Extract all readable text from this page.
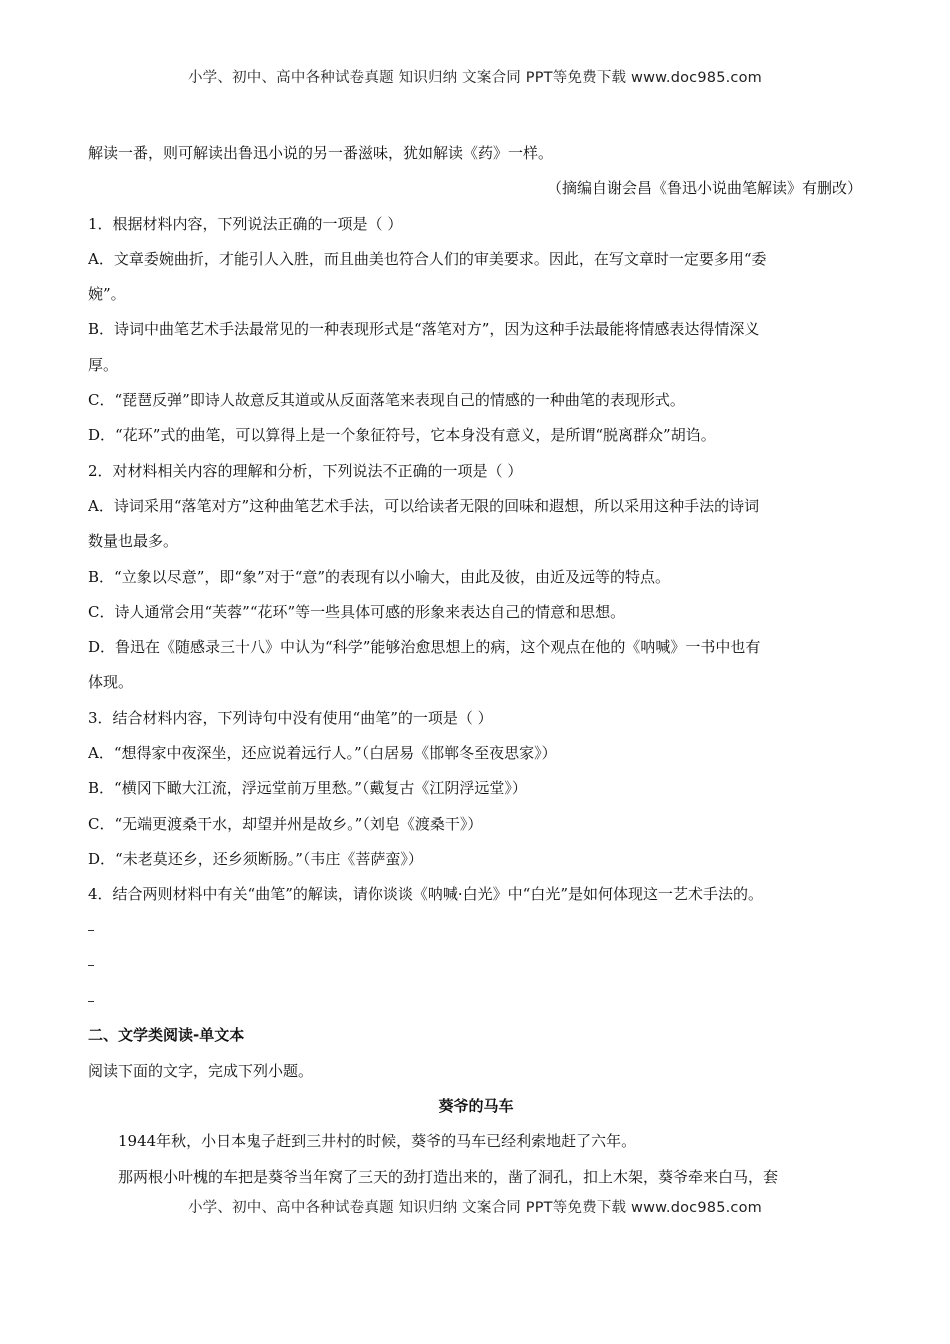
小学、初中、高中各种试卷真题 知识归纳 文案合同 PPT等免费下载 www.doc985.com
解读一番，则可解读出鲁迅小说的另一番滋味，犹如解读《药》一样。
（摘编自谢会昌《鲁迅小说曲笔解读》有删改）
1．根据材料内容，下列说法正确的一项是（ ）
A．文章委婉曲折，才能引人入胜，而且曲美也符合人们的审美要求。因此，在写文章时一定要多用“委
婉”。
B．诗词中曲笔艺术手法最常见的一种表现形式是“落笔对方”，因为这种手法最能将情感表达得情深义
厚。
C．“琵琶反弹”即诗人故意反其道或从反面落笔来表现自己的情感的一种曲笔的表现形式。
D．“花环”式的曲笔，可以算得上是一个象征符号，它本身没有意义，是所谓“脱离群众”胡诌。
2．对材料相关内容的理解和分析，下列说法不正确的一项是（ ）
A．诗词采用“落笔对方”这种曲笔艺术手法，可以给读者无限的回味和遐想，所以采用这种手法的诗词
数量也最多。
B．“立象以尽意”，即“象”对于“意”的表现有以小喻大，由此及彼，由近及远等的特点。
C．诗人通常会用“芙蓉”“花环”等一些具体可感的形象来表达自己的情意和思想。
D．鲁迅在《随感录三十八》中认为“科学”能够治愈思想上的病，这个观点在他的《呐喊》一书中也有
体现。
3．结合材料内容，下列诗句中没有使用“曲笔”的一项是（ ）
A．“想得家中夜深坐，还应说着远行人。”（白居易《邯郸冬至夜思家》）
B．“横冈下瞰大江流，浮远堂前万里愁。”（戴复古《江阴浮远堂》）
C．“无端更渡桑干水，却望并州是故乡。”（刘皂《渡桑干》）
D．“未老莫还乡，还乡须断肠。”（韦庄《菩萨蛮》）
4．结合两则材料中有关“曲笔”的解读，请你谈谈《呐喊·白光》中“白光”是如何体现这一艺术手法的。
二、文学类阅读-单文本
阅读下面的文字，完成下列小题。
葵爷的马车
1944年秋，小日本鬼子赶到三井村的时候，葵爷的马车已经利索地赶了六年。
那两根小叶槐的车把是葵爷当年窝了三天的劲打造出来的，凿了洞孔，扣上木架，葵爷牵来白马，套
小学、初中、高中各种试卷真题 知识归纳 文案合同 PPT等免费下载 www.doc985.com
